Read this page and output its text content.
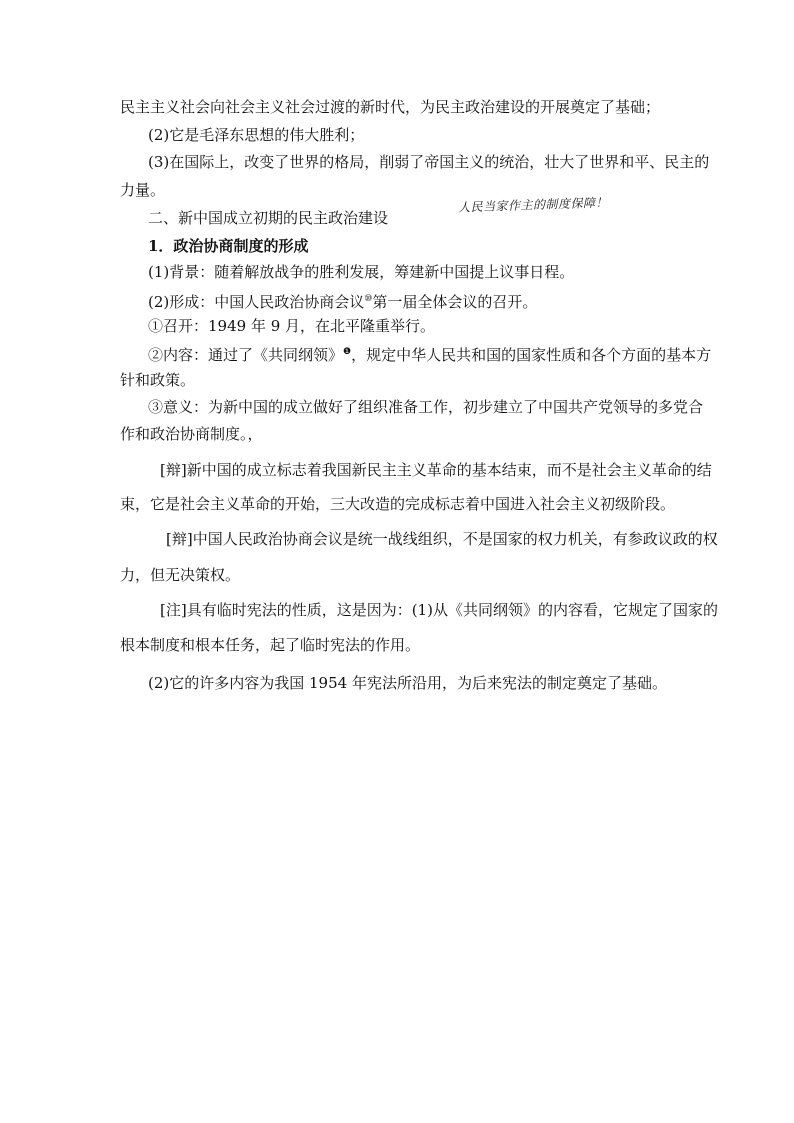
民主主义社会向社会主义社会过渡的新时代，为民主政治建设的开展奠定了基础；
(2)它是毛泽东思想的伟大胜利；
(3)在国际上，改变了世界的格局，削弱了帝国主义的统治，壮大了世界和平、民主的
力量。
二、新中国成立初期的民主政治建设
人民当家作主的制度保障！
1．政治协商制度的形成
(1)背景：随着解放战争的胜利发展，筹建新中国提上议事日程。
(2)形成：中国人民政治协商会议⑩第一届全体会议的召开。
①召开：1949 年 9 月，在北平隆重举行。
②内容：通过了《共同纲领》$^❶$，规定中华人民共和国的国家性质和各个方面的基本方
针和政策。
③意义：为新中国的成立做好了组织准备工作，初步建立了中国共产党领导的多党合
作和政治协商制度。，
[辩]新中国的成立标志着我国新民主主义革命的基本结束，而不是社会主义革命的结
束，它是社会主义革命的开始，三大改造的完成标志着中国进入社会主义初级阶段。
[辩]中国人民政治协商会议是统一战线组织，不是国家的权力机关，有参政议政的权
力，但无决策权。
[注]具有临时宪法的性质，这是因为：(1)从《共同纲领》的内容看，它规定了国家的
根本制度和根本任务，起了临时宪法的作用。
(2)它的许多内容为我国 1954 年宪法所沿用，为后来宪法的制定奠定了基础。
